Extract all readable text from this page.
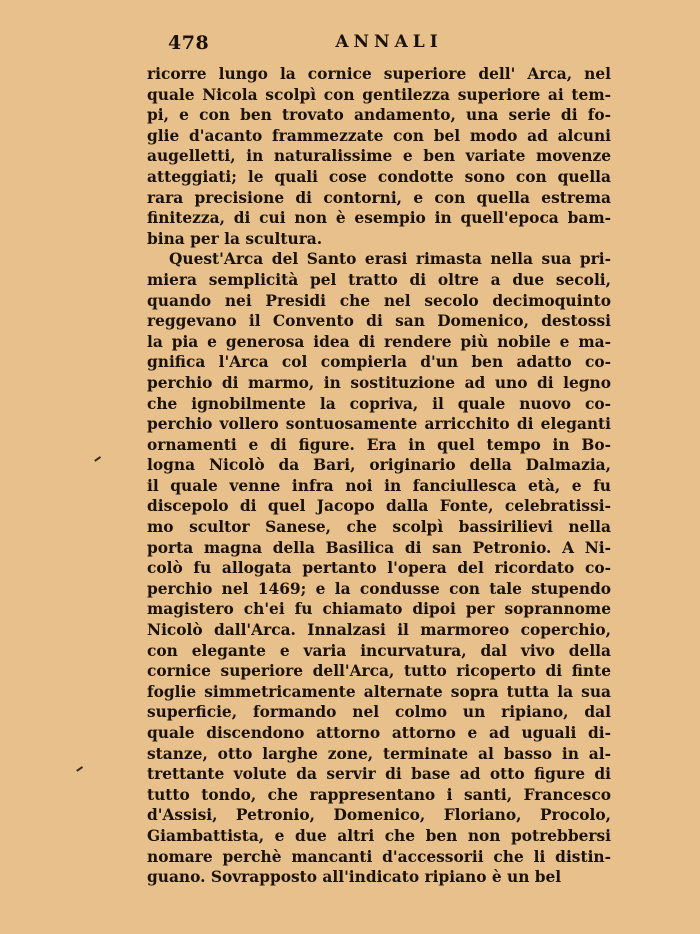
478	ANNALI
ricorre lungo la cornice superiore dell' Arca, nel
quale Nicola scolpì con gentilezza superiore ai tem-
pi, e con ben trovato andamento, una serie di fo-
glie d'acanto frammezzate con bel modo ad alcuni
augelletti, in naturalissime e ben variate movenze
atteggiati; le quali cose condotte sono con quella
rara precisione di contorni, e con quella estrema
finitezza, di cui non è esempio in quell'epoca bam-
bina per la scultura.
Quest'Arca del Santo erasi rimasta nella sua pri-
miera semplicità pel tratto di oltre a due secoli,
quando nei Presidi che nel secolo decimoquinto
reggevano il Convento di san Domenico, destossi
la pia e generosa idea di rendere più nobile e ma-
gnifica l'Arca col compierla d'un ben adatto co-
perchio di marmo, in sostituzione ad uno di legno
che ignobilmente la copriva, il quale nuovo co-
perchio vollero sontuosamente arricchito di eleganti
ornamenti e di figure. Era in quel tempo in Bo-
logna Nicolò da Bari, originario della Dalmazia,
il quale venne infra noi in fanciullesca età, e fu
discepolo di quel Jacopo dalla Fonte, celebratissi-
mo scultor Sanese, che scolpì bassirilievi nella
porta magna della Basilica di san Petronio. A Ni-
colò fu allogata pertanto l'opera del ricordato co-
perchio nel 1469; e la condusse con tale stupendo
magistero ch'ei fu chiamato dipoi per soprannome
Nicolò dall'Arca. Innalzasi il marmoreo coperchio,
con elegante e varia incurvatura, dal vivo della
cornice superiore dell'Arca, tutto ricoperto di finte
foglie simmetricamente alternate sopra tutta la sua
superficie, formando nel colmo un ripiano, dal
quale discendono attorno attorno e ad uguali di-
stanze, otto larghe zone, terminate al basso in al-
trettante volute da servir di base ad otto figure di
tutto tondo, che rappresentano i santi, Francesco
d'Assisi, Petronio, Domenico, Floriano, Procolo,
Giambattista, e due altri che ben non potrebbersi
nomare perchè mancanti d'accessorii che li distin-
guano. Sovrapposto all'indicato ripiano è un bel
